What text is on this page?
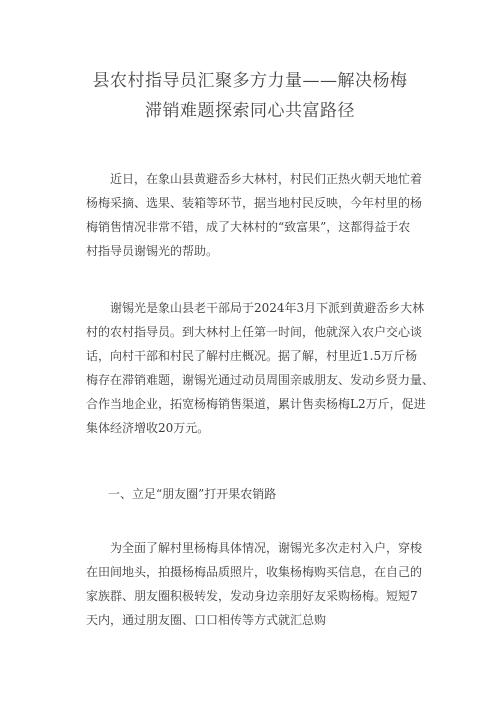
县农村指导员汇聚多方力量——解决杨梅
滞销难题探索同心共富路径

近日，在象山县黄避岙乡大林村，村民们正热火朝天地忙着
杨梅采摘、选果、装箱等环节，据当地村民反映，今年村里的杨
梅销售情况非常不错，成了大林村的“致富果”，这都得益于农
村指导员谢锡光的帮助。

谢锡光是象山县老干部局于2024年3月下派到黄避岙乡大林
村的农村指导员。到大林村上任第一时间，他就深入农户交心谈
话，向村干部和村民了解村庄概况。据了解，村里近1.5万斤杨
梅存在滞销难题，谢锡光通过动员周围亲戚朋友、发动乡贤力量、
合作当地企业，拓宽杨梅销售渠道，累计售卖杨梅L2万斤，促进
集体经济增收20万元。

一、立足“朋友圈”打开果农销路

为全面了解村里杨梅具体情况，谢锡光多次走村入户，穿梭
在田间地头，拍摄杨梅品质照片，收集杨梅购买信息，在自己的
家族群、朋友圈积极转发，发动身边亲朋好友采购杨梅。短短7
天内，通过朋友圈、口口相传等方式就汇总购
